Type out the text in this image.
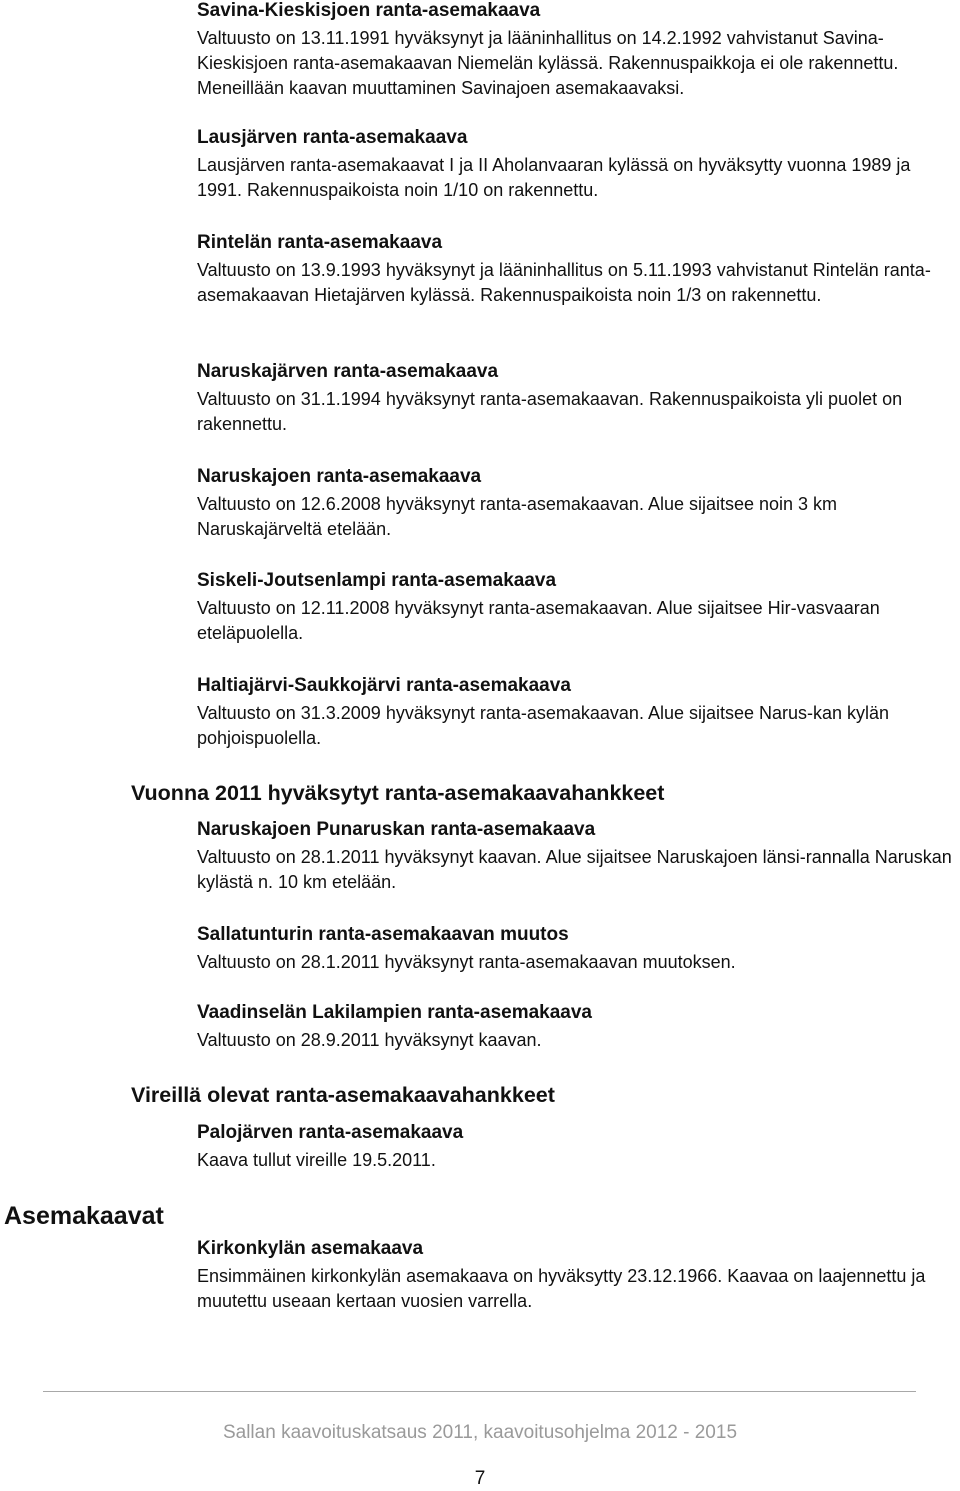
Savina-Kieskisjoen ranta-asemakaava

Valtuusto on 13.11.1991 hyväksynyt ja lääninhallitus on 14.2.1992 vahvistanut Savina-Kieskisjoen ranta-asemakaavan Niemelän kylässä. Rakennuspaikkoja ei ole rakennettu. Meneillään kaavan muuttaminen Savinajoen asemakaavaksi.

Lausjärven ranta-asemakaava

Lausjärven ranta-asemakaavat I ja II Aholanvaaran kylässä on hyväksytty vuonna 1989 ja 1991. Rakennuspaikoista noin 1/10 on rakennettu.

Rintelän ranta-asemakaava

Valtuusto on 13.9.1993 hyväksynyt ja lääninhallitus on 5.11.1993 vahvistanut Rintelän ranta-asemakaavan Hietajärven kylässä. Rakennuspaikoista noin 1/3 on rakennettu.

Naruskajärven ranta-asemakaava

Valtuusto on 31.1.1994 hyväksynyt ranta-asemakaavan. Rakennuspaikoista yli puolet on rakennettu.

Naruskajoen ranta-asemakaava

Valtuusto on 12.6.2008 hyväksynyt ranta-asemakaavan. Alue sijaitsee noin 3 km Naruskajärveltä etelään.

Siskeli-Joutsenlampi ranta-asemakaava

Valtuusto on 12.11.2008 hyväksynyt ranta-asemakaavan. Alue sijaitsee Hir-vasvaaran eteläpuolella.

Haltiajärvi-Saukkojärvi ranta-asemakaava

Valtuusto on 31.3.2009 hyväksynyt ranta-asemakaavan. Alue sijaitsee Narus-kan kylän pohjoispuolella.

Vuonna 2011 hyväksytyt ranta-asemakaavahankkeet

Naruskajoen Punaruskan ranta-asemakaava

Valtuusto on 28.1.2011 hyväksynyt kaavan. Alue sijaitsee Naruskajoen länsi-rannalla Naruskan kylästä n. 10 km etelään.

Sallatunturin ranta-asemakaavan muutos

Valtuusto on 28.1.2011 hyväksynyt ranta-asemakaavan muutoksen.

Vaadinselän Lakilampien ranta-asemakaava

Valtuusto on 28.9.2011 hyväksynyt kaavan.

Vireillä olevat ranta-asemakaavahankkeet

Palojärven ranta-asemakaava

Kaava tullut vireille 19.5.2011.

Asemakaavat

Kirkonkylän asemakaava

Ensimmäinen kirkonkylän asemakaava on hyväksytty 23.12.1966. Kaavaa on laajennettu ja muutettu useaan kertaan vuosien varrella.

Sallan kaavoituskatsaus 2011, kaavoitusohjelma 2012 - 2015

7
